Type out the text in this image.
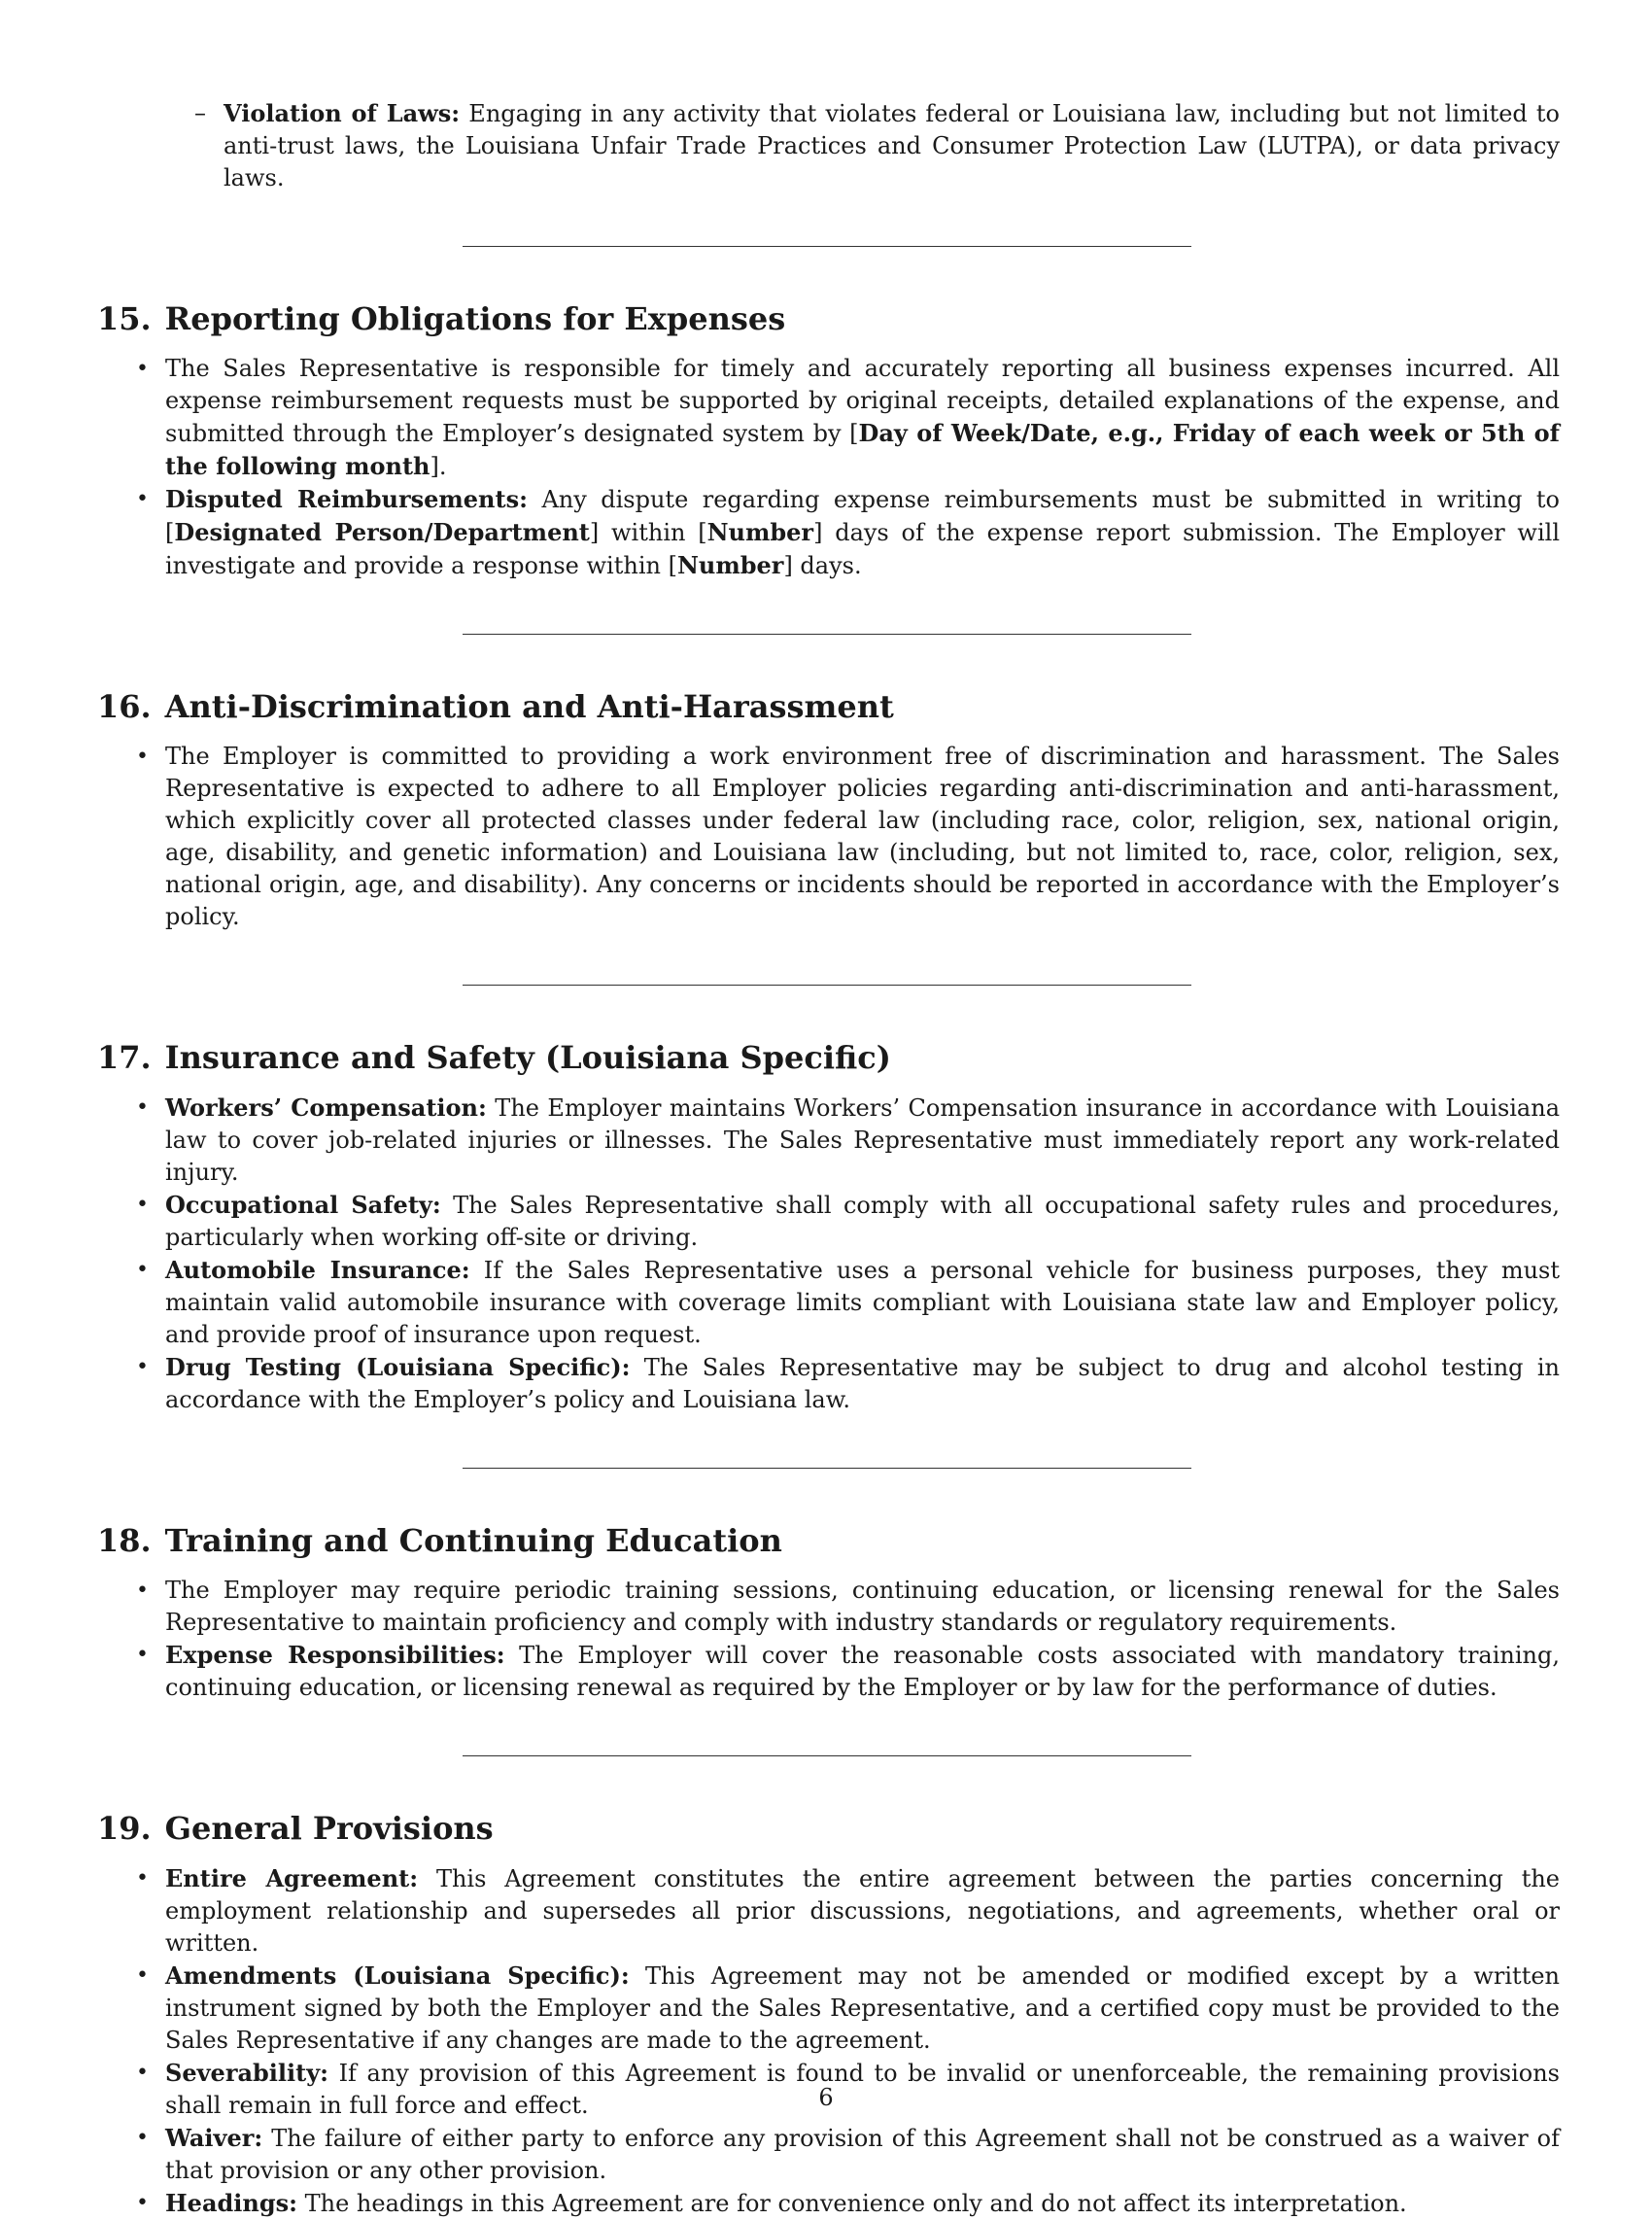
– Violation of Laws: Engaging in any activity that violates federal or Louisiana law, including but not limited to anti-trust laws, the Louisiana Unfair Trade Practices and Consumer Protection Law (LUTPA), or data privacy laws.
15. Reporting Obligations for Expenses
• The Sales Representative is responsible for timely and accurately reporting all business expenses incurred. All expense reimbursement requests must be supported by original receipts, detailed explanations of the expense, and submitted through the Employer’s designated system by [Day of Week/Date, e.g., Friday of each week or 5th of the following month].
• Disputed Reimbursements: Any dispute regarding expense reimbursements must be submitted in writing to [Designated Person/Department] within [Number] days of the expense report submission. The Employer will investigate and provide a response within [Number] days.
16. Anti-Discrimination and Anti-Harassment
• The Employer is committed to providing a work environment free of discrimination and harassment. The Sales Representative is expected to adhere to all Employer policies regarding anti-discrimination and anti-harassment, which explicitly cover all protected classes under federal law (including race, color, religion, sex, national origin, age, disability, and genetic information) and Louisiana law (including, but not limited to, race, color, religion, sex, national origin, age, and disability). Any concerns or incidents should be reported in accordance with the Employer’s policy.
17. Insurance and Safety (Louisiana Specific)
• Workers’ Compensation: The Employer maintains Workers’ Compensation insurance in accordance with Louisiana law to cover job-related injuries or illnesses. The Sales Representative must immediately report any work-related injury.
• Occupational Safety: The Sales Representative shall comply with all occupational safety rules and procedures, particularly when working off-site or driving.
• Automobile Insurance: If the Sales Representative uses a personal vehicle for business purposes, they must maintain valid automobile insurance with coverage limits compliant with Louisiana state law and Employer policy, and provide proof of insurance upon request.
• Drug Testing (Louisiana Specific): The Sales Representative may be subject to drug and alcohol testing in accordance with the Employer’s policy and Louisiana law.
18. Training and Continuing Education
• The Employer may require periodic training sessions, continuing education, or licensing renewal for the Sales Representative to maintain proficiency and comply with industry standards or regulatory requirements.
• Expense Responsibilities: The Employer will cover the reasonable costs associated with mandatory training, continuing education, or licensing renewal as required by the Employer or by law for the performance of duties.
19. General Provisions
• Entire Agreement: This Agreement constitutes the entire agreement between the parties concerning the employment relationship and supersedes all prior discussions, negotiations, and agreements, whether oral or written.
• Amendments (Louisiana Specific): This Agreement may not be amended or modified except by a written instrument signed by both the Employer and the Sales Representative, and a certified copy must be provided to the Sales Representative if any changes are made to the agreement.
• Severability: If any provision of this Agreement is found to be invalid or unenforceable, the remaining provisions shall remain in full force and effect.
• Waiver: The failure of either party to enforce any provision of this Agreement shall not be construed as a waiver of that provision or any other provision.
• Headings: The headings in this Agreement are for convenience only and do not affect its interpretation.
6
